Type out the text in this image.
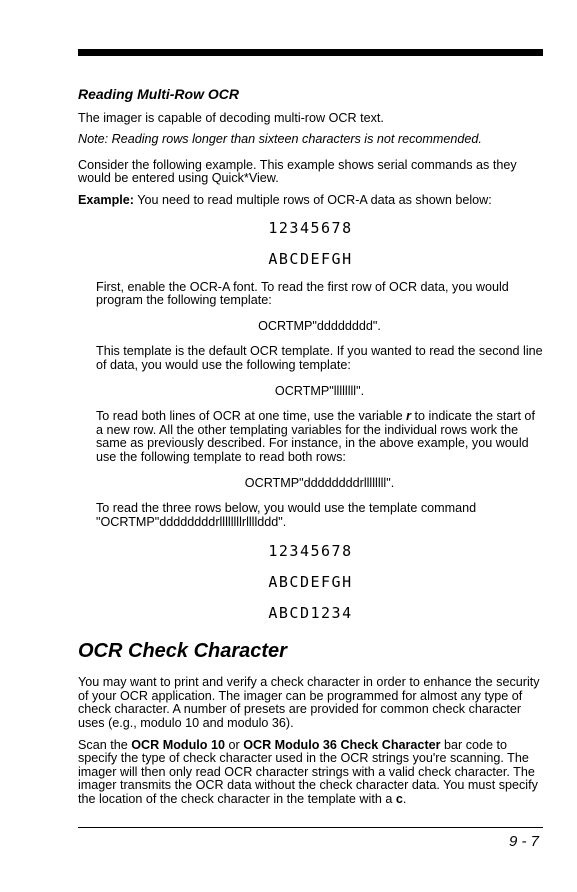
Reading Multi-Row OCR

The imager is capable of decoding multi-row OCR text.

Note: Reading rows longer than sixteen characters is not recommended.

Consider the following example. This example shows serial commands as they would be entered using Quick*View.

Example: You need to read multiple rows of OCR-A data as shown below:

12345678

ABCDEFGH

First, enable the OCR-A font. To read the first row of OCR data, you would program the following template:

OCRTMP"dddddddd".

This template is the default OCR template. If you wanted to read the second line of data, you would use the following template:

OCRTMP"llllllll".

To read both lines of OCR at one time, use the variable r to indicate the start of a new row. All the other templating variables for the individual rows work the same as previously described. For instance, in the above example, you would use the following template to read both rows:

OCRTMP"ddddddddrllllllll".

To read the three rows below, you would use the template command "OCRTMP"ddddddddrllllllllrllllddd".

12345678

ABCDEFGH

ABCD1234

OCR Check Character

You may want to print and verify a check character in order to enhance the security of your OCR application. The imager can be programmed for almost any type of check character. A number of presets are provided for common check character uses (e.g., modulo 10 and modulo 36).

Scan the OCR Modulo 10 or OCR Modulo 36 Check Character bar code to specify the type of check character used in the OCR strings you're scanning. The imager will then only read OCR character strings with a valid check character. The imager transmits the OCR data without the check character data. You must specify the location of the check character in the template with a c.

9 - 7
